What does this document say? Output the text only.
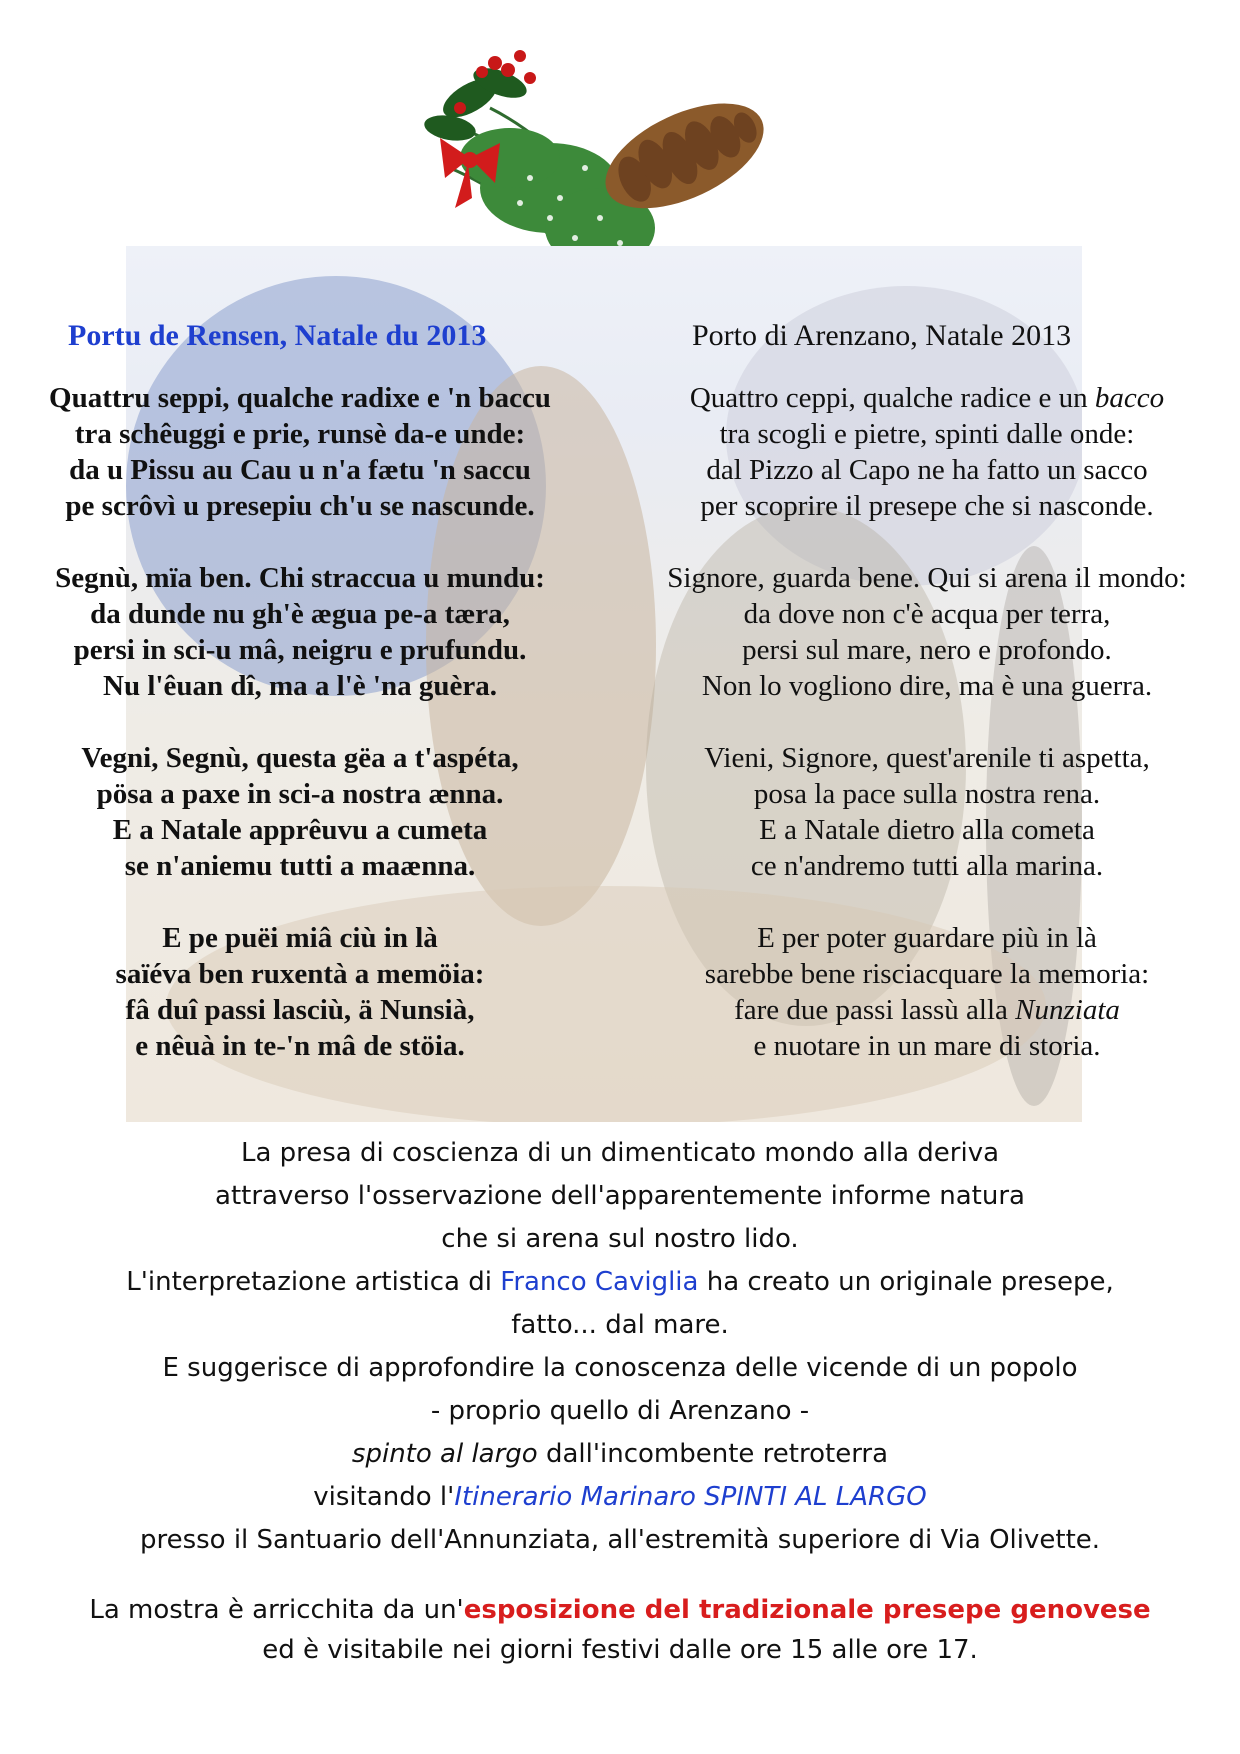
Portu de Rensen, Natale du 2013
Quattru seppi, qualche radixe e 'n baccu
tra schêuggi e prie, runsè da-e unde:
da u Pissu au Cau u n'a fætu 'n saccu
pe scrôvì u presepiu ch'u se nascunde.
Segnù, mïa ben. Chi straccua u mundu:
da dunde nu gh'è ægua pe-a tæra,
persi in sci-u mâ, neigru e prufundu.
Nu l'êuan dî, ma a l'è 'na guèra.
Vegni, Segnù, questa gëa a t'aspéta,
pösa a paxe in sci-a nostra ænna.
E a Natale apprêuvu a cumeta
se n'aniemu tutti a maænna.
E pe puëi miâ ciù in là
saïéva ben ruxentà a memöia:
fâ duî passi lasciù, ä Nunsià,
e nêuà in te-'n mâ de stöia.
Porto di Arenzano, Natale 2013
Quattro ceppi, qualche radice e un bacco
tra scogli e pietre, spinti dalle onde:
dal Pizzo al Capo ne ha fatto un sacco
per scoprire il presepe che si nasconde.
Signore, guarda bene. Qui si arena il mondo:
da dove non c'è acqua per terra,
persi sul mare, nero e profondo.
Non lo vogliono dire, ma è una guerra.
Vieni, Signore, quest'arenile ti aspetta,
posa la pace sulla nostra rena.
E a Natale dietro alla cometa
ce n'andremo tutti alla marina.
E per poter guardare più in là
sarebbe bene risciacquare la memoria:
fare due passi lassù alla Nunziata
e nuotare in un mare di storia.
La presa di coscienza di un dimenticato mondo alla deriva
attraverso l'osservazione dell'apparentemente informe natura
che si arena sul nostro lido.
L'interpretazione artistica di Franco Caviglia ha creato un originale presepe,
fatto... dal mare.
E suggerisce di approfondire la conoscenza delle vicende di un popolo
- proprio quello di Arenzano -
spinto al largo dall'incombente retroterra
visitando l'Itinerario Marinaro SPINTI AL LARGO
presso il Santuario dell'Annunziata, all'estremità superiore di Via Olivette.
La mostra è arricchita da un'esposizione del tradizionale presepe genovese
ed è visitabile nei giorni festivi dalle ore 15 alle ore 17.
